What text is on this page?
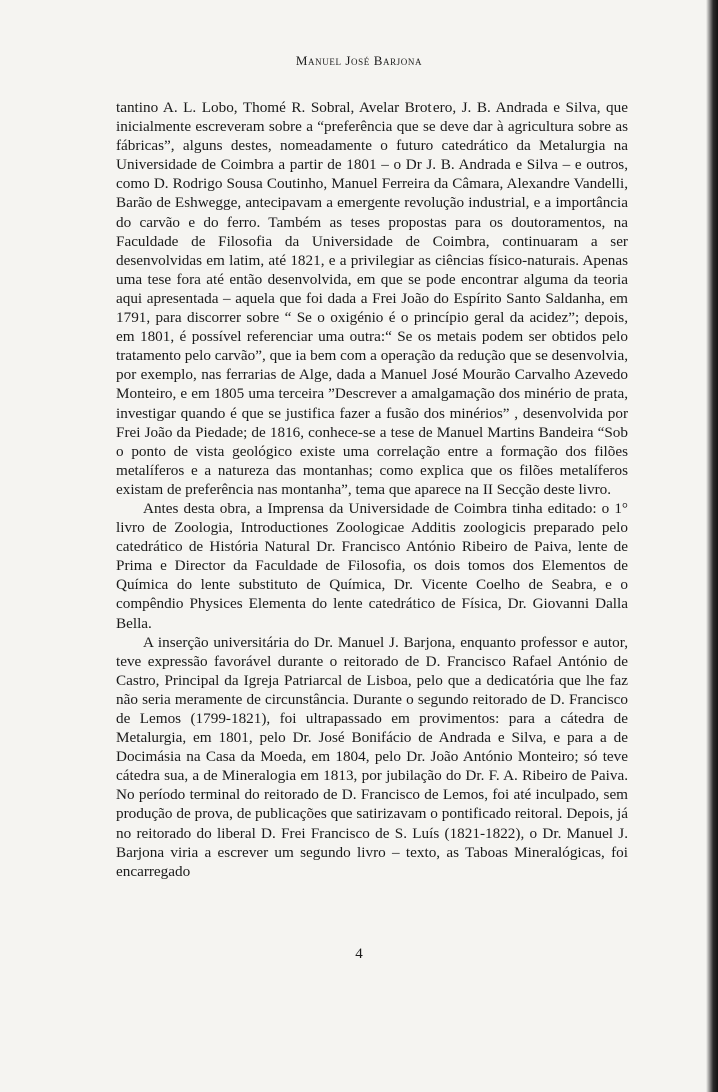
Manuel José Barjona

tantino A. L. Lobo, Thomé R. Sobral, Avelar Brot ero, J. B. Andrada e Silva, que inicialmente escreveram sobre a “preferência que se deve dar à agricultura sobre as fábricas”, alguns destes, nomeadamente o futuro catedrático da Metalurgia na Universidade de Coimbra a partir de 1801 – o Dr J. B. Andrada e Silva – e outros, como D. Rodrigo Sousa Coutinho, Manuel Ferreira da Câmara, Alexandre Vandelli, Barão de Eshwegge, antecipavam a emergente revolução industrial, e a importância do carvão e do ferro. Também as teses propostas para os doutoramentos, na Faculdade de Filosofia da Universidade de Coimbra, continuaram a ser desenvolvidas em latim, até 1821, e a privilegiar as ciências físico-naturais. Apenas uma tese fora até então desenvolvida, em que se pode encontrar alguma da teoria aqui apresentada – aquela que foi dada a Frei João do Espírito Santo Saldanha, em 1791, para discorrer sobre “ Se o oxigénio é o princípio geral da acidez”; depois, em 1801, é possível referenciar uma outra:“ Se os metais podem ser obtidos pelo tratamento pelo carvão”, que ia bem com a operação da redução que se desenvolvia, por exemplo, nas ferrarias de Alge, dada a Manuel José Mourão Carvalho Azevedo Monteiro, e em 1805 uma terceira ”Descrever a amalgamação dos minério de prata, investigar quando é que se justifica fazer a fusão dos minérios” , desenvolvida por Frei João da Piedade; de 1816, conhece-se a tese de Manuel Martins Bandeira “Sob o ponto de vista geológico existe uma correlação entre a formação dos filões metalíferos e a natureza das montanhas; como explica que os filões metalíferos existam de preferência nas montanha”, tema que aparece na II Secção deste livro.

Antes desta obra, a Imprensa da Universidade de Coimbra tinha editado: o 1° livro de Zoologia, Introductiones Zoologicae Additis zoologicis preparado pelo catedrático de História Natural Dr. Francisco António Ribeiro de Paiva, lente de Prima e Director da Faculdade de Filosofia, os dois tomos dos Elementos de Química do lente substituto de Química, Dr. Vicente Coelho de Seabra, e o compêndio Physices Elementa do lente catedrático de Física, Dr. Giovanni Dalla Bella.

A inserção universitária do Dr. Manuel J. Barjona, enquanto professor e autor, teve expressão favorável durante o reitorado de D. Francisco Rafael António de Castro, Principal da Igreja Patriarcal de Lisboa, pelo que a dedicatória que lhe faz não seria meramente de circunstância. Durante o segundo reitorado de D. Francisco de Lemos (1799-1821), foi ultrapassado em provimentos: para a cátedra de Metalurgia, em 1801, pelo Dr. José Bonifácio de Andrada e Silva, e para a de Docimásia na Casa da Moeda, em 1804, pelo Dr. João António Monteiro; só teve cátedra sua, a de Mineralogia em 1813, por jubilação do Dr. F. A. Ribeiro de Paiva. No período terminal do reitorado de D. Francisco de Lemos, foi até inculpado, sem produção de prova, de publicações que satirizavam o pontificado reitoral. Depois, já no reitorado do liberal D. Frei Francisco de S. Luís (1821-1822), o Dr. Manuel J. Barjona viria a escrever um segundo livro – texto, as Taboas Mineralógicas, foi encarregado

4
